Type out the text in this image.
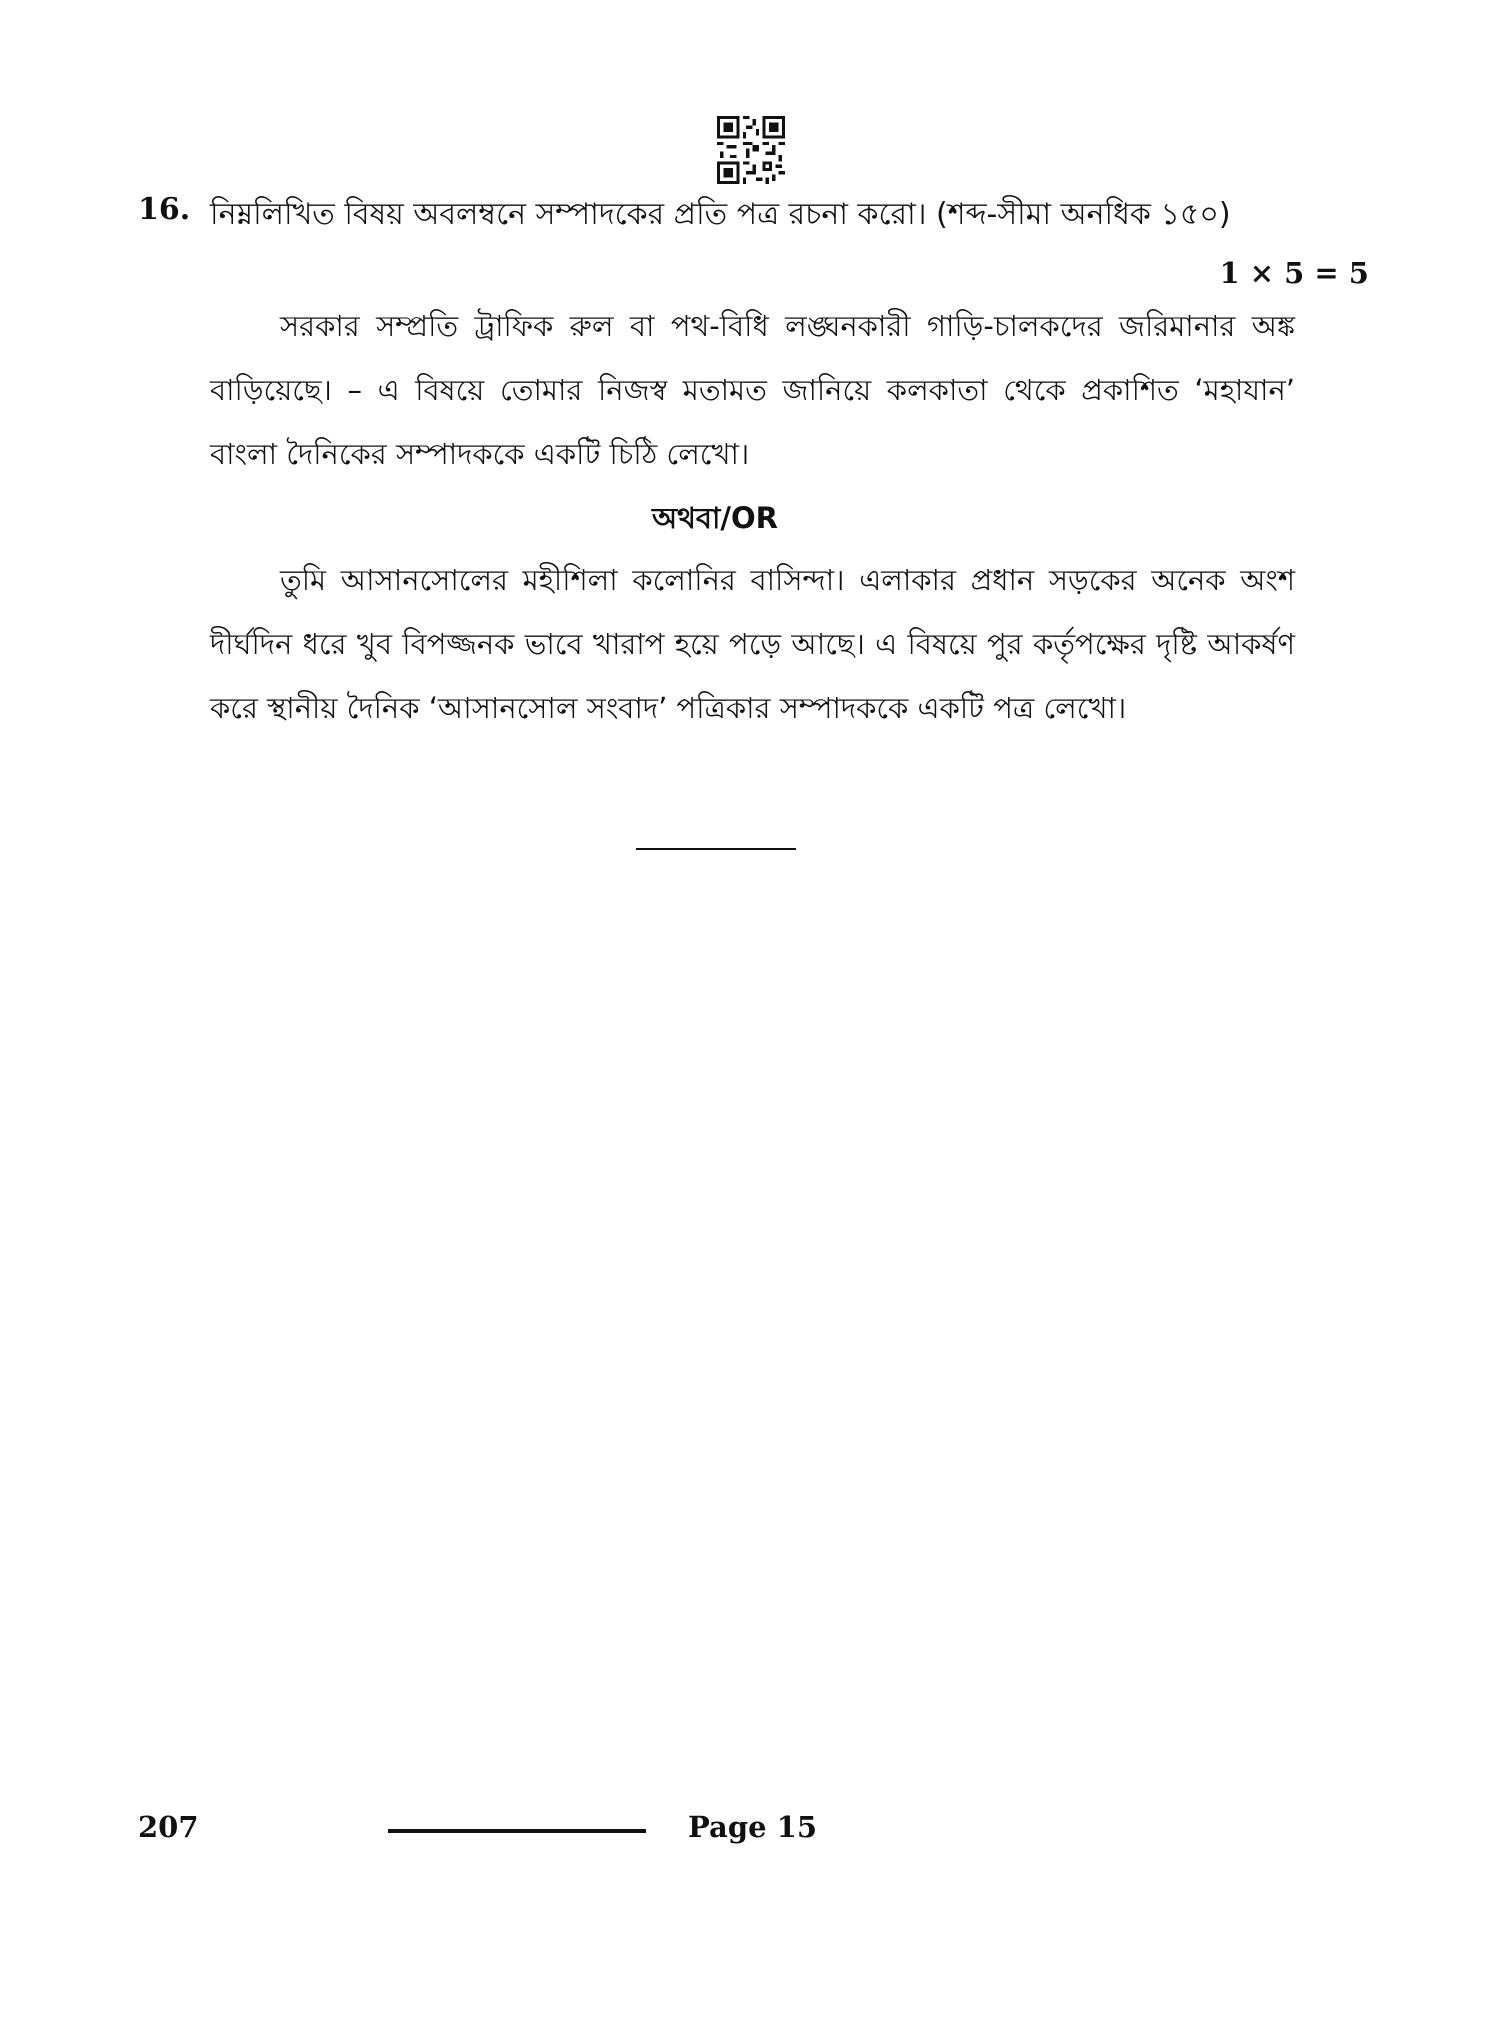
16. নিম্নলিখিত বিষয় অবলম্বনে সম্পাদকের প্রতি পত্র রচনা করো। (শব্দ-সীমা অনধিক ১৫০)
1 × 5 = 5

সরকার সম্প্রতি ট্রাফিক রুল বা পথ-বিধি লঙ্ঘনকারী গাড়ি-চালকদের জরিমানার অঙ্ক বাড়িয়েছে। – এ বিষয়ে তোমার নিজস্ব মতামত জানিয়ে কলকাতা থেকে প্রকাশিত ‘মহাযান’ বাংলা দৈনিকের সম্পাদককে একটি চিঠি লেখো।

অথবা/OR

তুমি আসানসোলের মহীশিলা কলোনির বাসিন্দা। এলাকার প্রধান সড়কের অনেক অংশ দীর্ঘদিন ধরে খুব বিপজ্জনক ভাবে খারাপ হয়ে পড়ে আছে। এ বিষয়ে পুর কর্তৃপক্ষের দৃষ্টি আকর্ষণ করে স্থানীয় দৈনিক ‘আসানসোল সংবাদ’ পত্রিকার সম্পাদককে একটি পত্র লেখো।

207	Page 15
